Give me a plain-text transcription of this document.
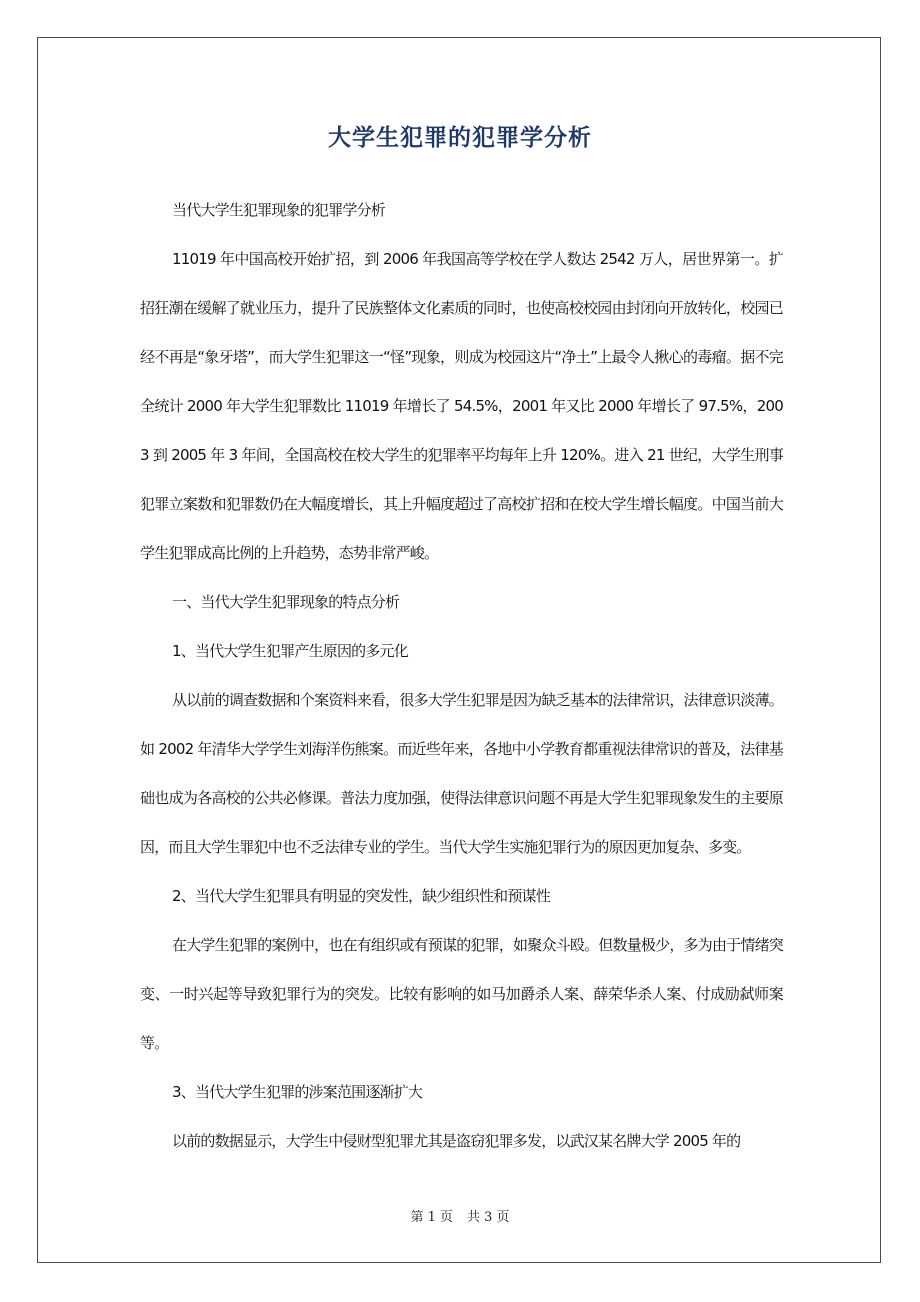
大学生犯罪的犯罪学分析

当代大学生犯罪现象的犯罪学分析

11019 年中国高校开始扩招，到 2006 年我国高等学校在学人数达 2542 万人，居世界第一。扩招狂潮在缓解了就业压力，提升了民族整体文化素质的同时，也使高校校园由封闭向开放转化，校园已经不再是“象牙塔”，而大学生犯罪这一“怪”现象，则成为校园这片“净土”上最令人揪心的毒瘤。据不完全统计 2000 年大学生犯罪数比 11019 年增长了 54.5%，2001 年又比 2000 年增长了 97.5%，2003 到 2005 年 3 年间，全国高校在校大学生的犯罪率平均每年上升 120%。进入 21 世纪，大学生刑事犯罪立案数和犯罪数仍在大幅度增长，其上升幅度超过了高校扩招和在校大学生增长幅度。中国当前大学生犯罪成高比例的上升趋势，态势非常严峻。

一、当代大学生犯罪现象的特点分析

1、当代大学生犯罪产生原因的多元化

从以前的调查数据和个案资料来看，很多大学生犯罪是因为缺乏基本的法律常识，法律意识淡薄。如 2002 年清华大学学生刘海洋伤熊案。而近些年来，各地中小学教育都重视法律常识的普及，法律基础也成为各高校的公共必修课。普法力度加强，使得法律意识问题不再是大学生犯罪现象发生的主要原因，而且大学生罪犯中也不乏法律专业的学生。当代大学生实施犯罪行为的原因更加复杂、多变。

2、当代大学生犯罪具有明显的突发性，缺少组织性和预谋性

在大学生犯罪的案例中，也在有组织或有预谋的犯罪，如聚众斗殴。但数量极少，多为由于情绪突变、一时兴起等导致犯罪行为的突发。比较有影响的如马加爵杀人案、薛荣华杀人案、付成励弑师案等。

3、当代大学生犯罪的涉案范围逐渐扩大

以前的数据显示，大学生中侵财型犯罪尤其是盗窃犯罪多发，以武汉某名牌大学 2005 年的

第 1 页 共 3 页
